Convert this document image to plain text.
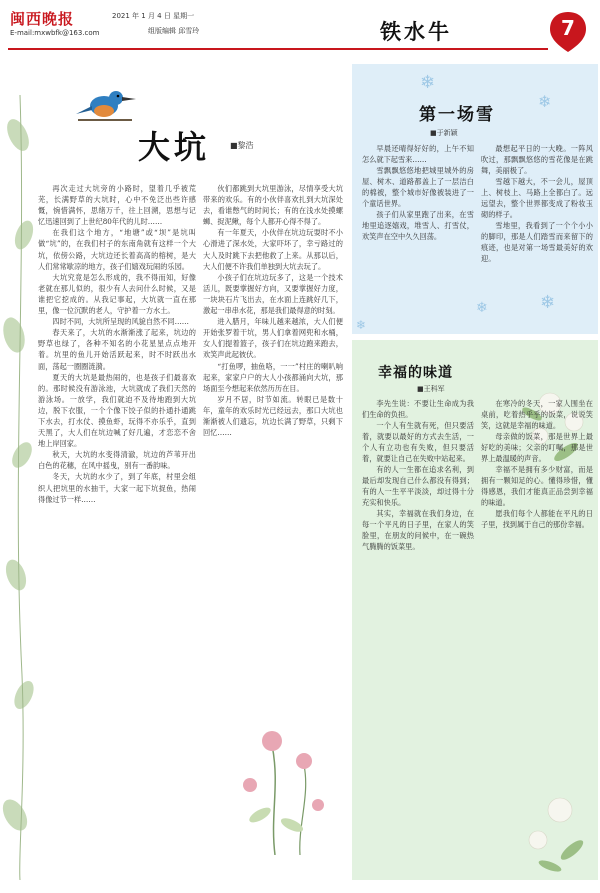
闽西晚报
E-mail:mxwbfk@163.com
2021 年 1 月 4 日 星期一
组版编辑 邱雪玲	铁水牛	7
大坑 ■黎浩

再次走过大坑旁的小路时，望着几乎被荒芜，长满野草的大坑时，心中不免泛出些许感慨，惋惜满怀，思绪万千，往上回溯，思想与记忆迅速回到了上世纪80年代的儿时……

在我们这个地方，“地塘”或“坝”是坑叫做“坑”的，在我们村子的东南角就有这样一个大坑，依傍公路，大坑边还长着高高的榕树，是大人们常常歇凉的地方，孩子们嬉戏玩闹的乐园。

大坑究竟是怎么形成的，我不得而知，好像老就在那儿似的，很少有人去问什么时候，又是谁把它挖成的。从我记事起，大坑就一直在那里，像一位沉默的老人，守护着一方水土。

四时不同，大坑所呈现的风貌自然不同……

春天来了，大坑的水渐渐涨了起来，坑边的野草也绿了，各种不知名的小花星星点点地开着。坑里的鱼儿开始活跃起来，时不时跃出水面，荡起一圈圈涟漪。

夏天的大坑是最热闹的，也是孩子们最喜欢的。那时候没有游泳池，大坑就成了我们天然的游泳场。一放学，我们就迫不及待地跑到大坑边，脱下衣服，一个个像下饺子似的扑通扑通跳下水去，打水仗、摸鱼虾，玩得不亦乐乎，直到天黑了，大人们在坑边喊了好几遍，才恋恋不舍地上岸回家。

秋天，大坑的水变得清澈，坑边的芦苇开出白色的花穗，在风中摇曳，别有一番韵味。

冬天，大坑的水少了，到了年底，村里会组织人把坑里的水抽干，大家一起下坑捉鱼，热闹得像过节一样……

伙们都跳到大坑里游泳，尽情享受大坑带来的欢乐。有的小伙伴喜欢扎到大坑深处去，看谁憋气的时间长；有的在浅水处摸螺蛳、捉泥鳅，每个人都开心得不得了。

有一年夏天，小伙伴在坑边玩耍时不小心滑进了深水处，大家吓坏了，幸亏路过的大人及时跳下去把他救了上来。从那以后，大人们便不许我们单独到大坑去玩了。

小孩子们在坑边玩多了，这是一个技术活儿，既要掌握好方向，又要掌握好力度，一块块石片飞出去，在水面上连跳好几下，激起一串串水花，那是我们最得意的时刻。

进入腊月，年味儿越来越浓，大人们便开始张罗着干坑，男人们拿着网兜和水桶，女人们提着篮子，孩子们在坑边跑来跑去，欢笑声此起彼伏。

“打鱼啰，抽鱼咯，一一”村庄的喇叭响起来，家家户户的大人小孩都涌向大坑，那场面至今想起来依然历历在目。

岁月不居，时节如流。转眼已是数十年，童年的欢乐时光已经远去，那口大坑也渐渐被人们遗忘，坑边长满了野草，只剩下回忆……

❄
❄
❄	❄
❄
第一场雪
■于新颖

早晨还晴得好好的，上午不知怎么就下起雪来……

雪飘飘悠悠地把城里城外的房屋、树木、道路都盖上了一层洁白的棉被，整个城市好像被装进了一个童话世界。

孩子们从家里跑了出来，在雪地里追逐嬉戏，堆雪人、打雪仗，欢笑声在空中久久回荡。

最想起平日的一大晚。一阵风吹过，那飘飘悠悠的雪花像是在跳舞，美丽极了。

雪越下越大，不一会儿，屋顶上、树枝上、马路上全都白了。远远望去，整个世界都变成了粉妆玉砌的样子。

雪地里，我看到了一个个小小的脚印，那是人们踏雪而来留下的痕迹，也是对第一场雪最美好的欢迎。

幸福的味道
■王科军

李先生说：不要让生命成为我们生命的负担。

一个人有生就有死，但只要活着，就要以最好的方式去生活，一个人有立功也有失败，但只要活着，就要让自己在失败中站起来。

有的人一生都在追求名利，到最后却发现自己什么都没有得到；有的人一生平平淡淡，却过得十分充实和快乐。

其实，幸福就在我们身边，在每一个平凡的日子里，在家人的笑脸里，在朋友的问候中，在一碗热气腾腾的饭菜里。

在寒冷的冬天，一家人围坐在桌前，吃着热乎乎的饭菜，说说笑笑，这就是幸福的味道。

母亲做的饭菜，那是世界上最好吃的美味；父亲的叮嘱，那是世界上最温暖的声音。

幸福不是拥有多少财富，而是拥有一颗知足的心。懂得珍惜，懂得感恩，我们才能真正品尝到幸福的味道。

愿我们每个人都能在平凡的日子里，找到属于自己的那份幸福。
